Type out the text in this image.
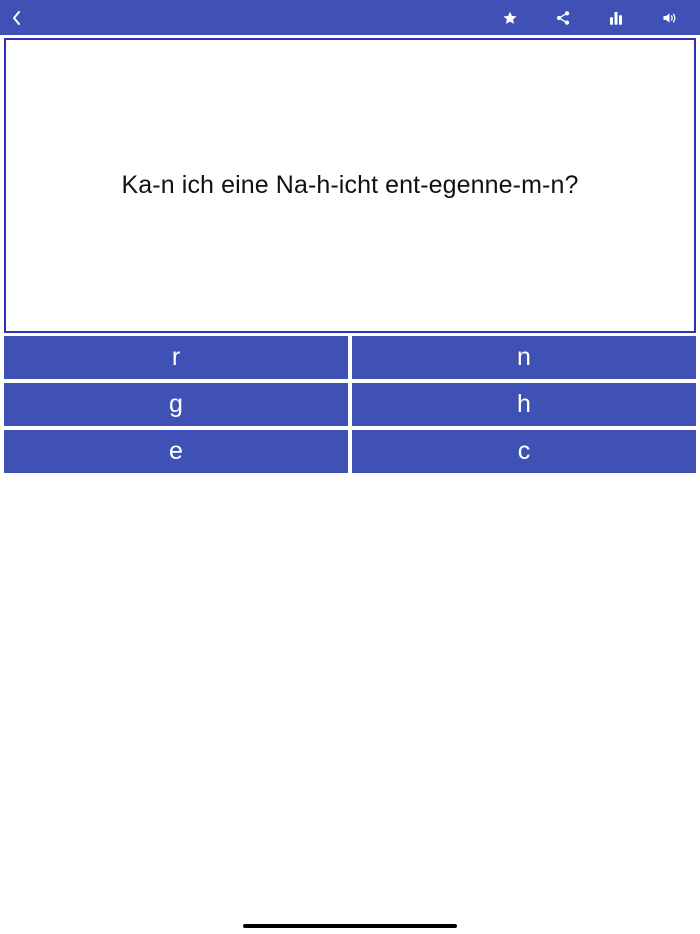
Ka-n ich eine Na-h-icht ent-egenne-m-n?
r	n
g	h
e	c
